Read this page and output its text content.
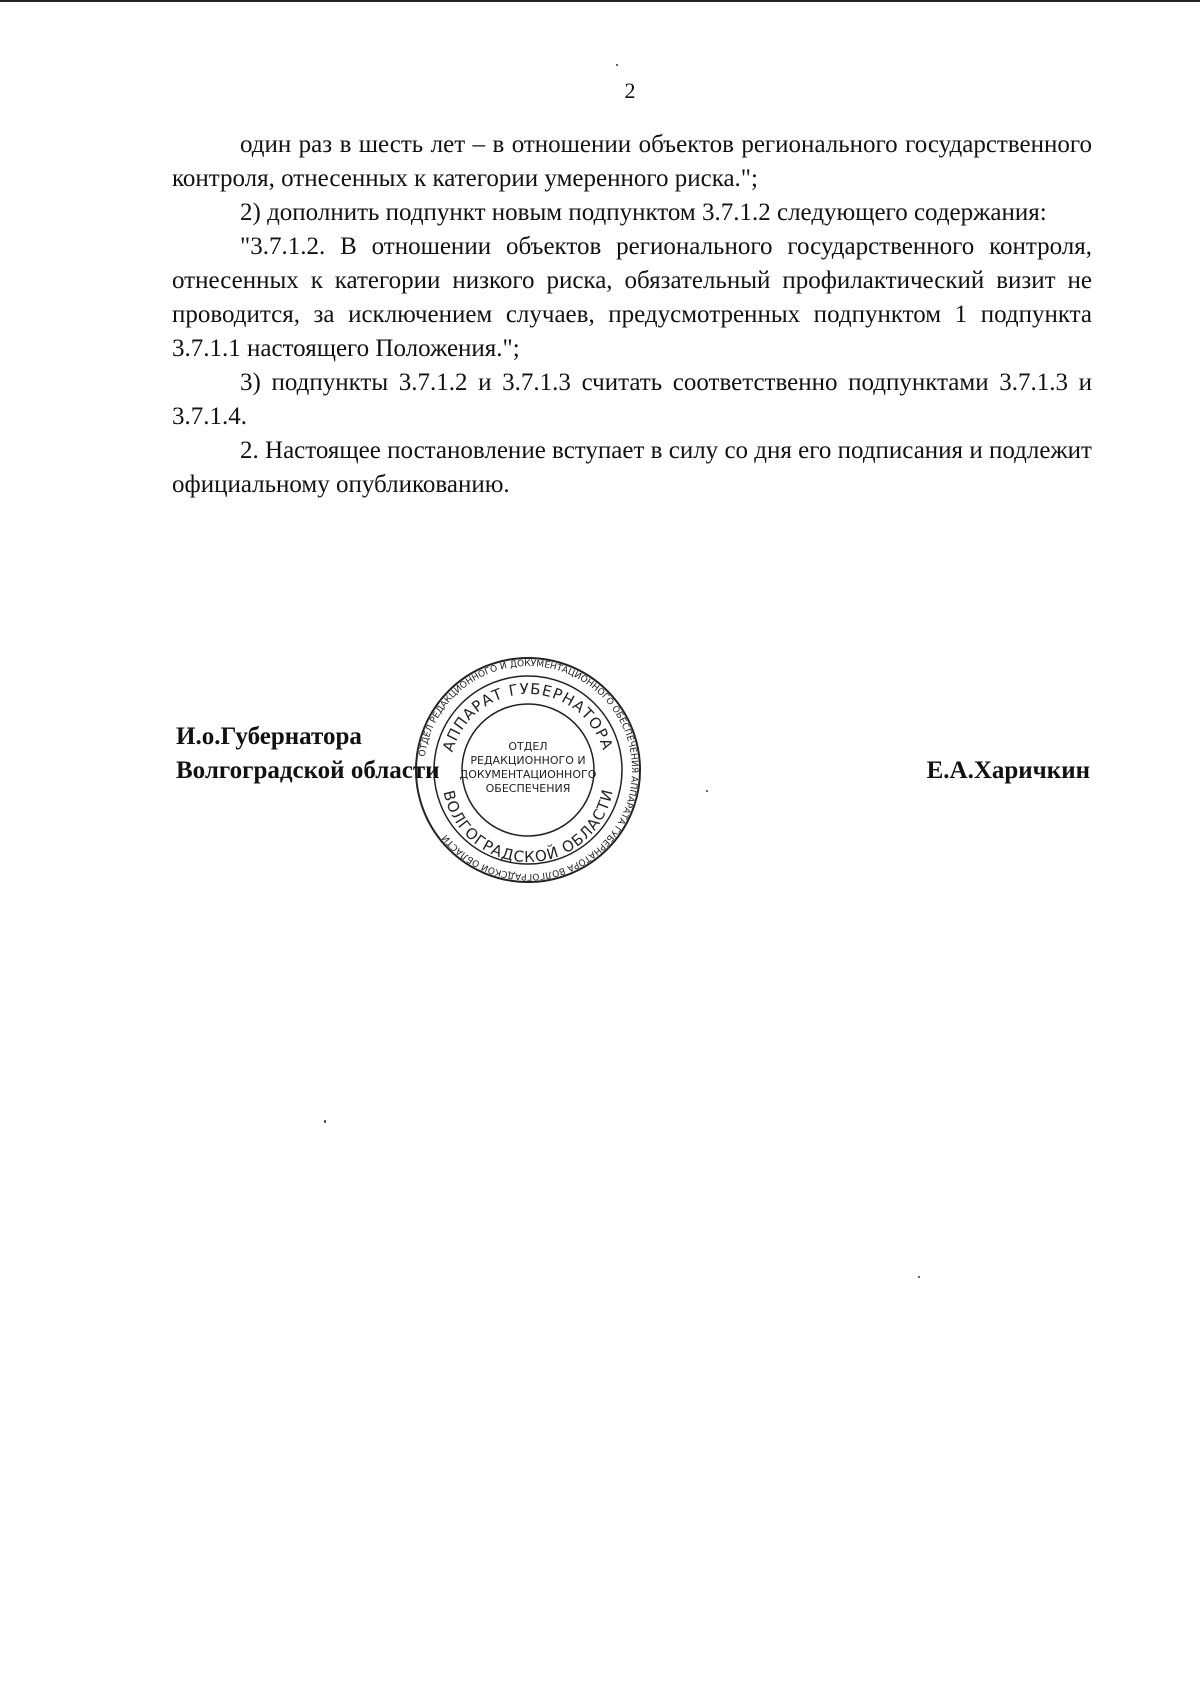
2

один раз в шесть лет – в отношении объектов регионального государственного контроля, отнесенных к категории умеренного риска.";

2) дополнить подпункт новым подпунктом 3.7.1.2 следующего содержания:

"3.7.1.2. В отношении объектов регионального государственного контроля, отнесенных к категории низкого риска, обязательный профилактический визит не проводится, за исключением случаев, предусмотренных подпунктом 1 подпункта 3.7.1.1 настоящего Положения.";

3) подпункты 3.7.1.2 и 3.7.1.3 считать соответственно подпунктами 3.7.1.3 и 3.7.1.4.

2. Настоящее постановление вступает в силу со дня его подписания и подлежит официальному опубликованию.

ОТДЕЛ РЕДАКЦИОННОГО И ДОКУМЕНТАЦИОННОГО ОБЕСПЕЧЕНИЯ АППАРАТА ГУБЕРНАТОРА ВОЛГОГРАДСКОЙ ОБЛАСТИ
АППАРАТ ГУБЕРНАТОРА
ВОЛГОГРАДСКОЙ ОБЛАСТИ
ОТДЕЛ
РЕДАКЦИОННОГО И
ДОКУМЕНТАЦИОННОГО
ОБЕСПЕЧЕНИЯ
И.о.Губернатора
Волгоградской области	Е.А.Харичкин
